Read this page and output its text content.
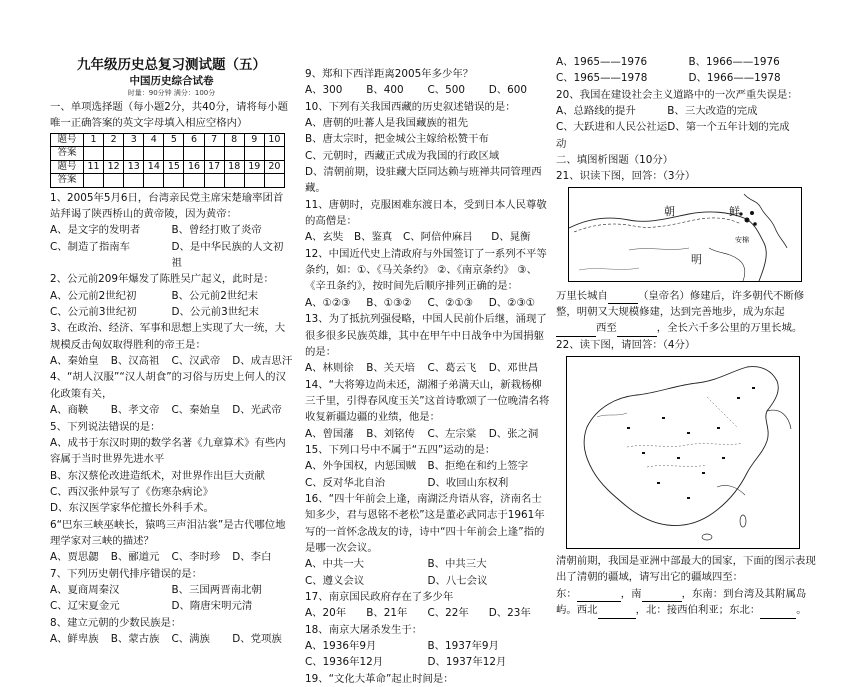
九年级历史总复习测试题（五）
中国历史综合试卷
时量：90分钟 满分：100分
一、单项选择题（每小题2分，共40分，请将每小题唯一正确答案的英文字母填入相应空格内）
题号	1	2	3	4	5	6	7	8	9	10
答案										
题号	11	12	13	14	15	16	17	18	19	20
答案										
1、2005年5月6日，台湾亲民党主席宋楚瑜率团首站拜谒了陕西桥山的黄帝陵，因为黄帝：
A、是文字的发明者	B、曾经打败了炎帝
C、制造了指南车	D、是中华民族的人文初祖
2、公元前209年爆发了陈胜吴广起义，此时是：
A、公元前2世纪初	B、公元前2世纪末
C、公元前3世纪初	D、公元前3世纪末
3、在政治、经济、军事和思想上实现了大一统，大规模反击匈奴取得胜利的帝王是：
A、秦始皇	B、汉高祖	C、汉武帝	D、成吉思汗
4、“胡人汉服”“汉人胡食”的习俗与历史上何人的汉化政策有关，
A、商鞅	B、孝文帝	C、秦始皇	D、光武帝
5、下列说法错误的是：
A、成书于东汉时期的数学名著《九章算术》有些内容属于当时世界先进水平
B、东汉蔡伦改进造纸术，对世界作出巨大贡献
C、西汉张仲景写了《伤寒杂病论》
D、东汉医学家华佗擅长外科手术。
6“巴东三峡巫峡长，猿鸣三声泪沾裳”是古代哪位地理学家对三峡的描述？
A、贾思勰	B、郦道元	C、李时珍	D、李白
7、下列历史朝代排序错误的是：
A、夏商周秦汉	B、三国两晋南北朝
C、辽宋夏金元	D、隋唐宋明元清
8、建立元朝的少数民族是：
A、鲜卑族	B、蒙古族	C、满族	D、党项族
9、郑和下西洋距离2005年多少年？
A、300	B、400	C、500	D、600
10、下列有关我国西藏的历史叙述错误的是：
A、唐朝的吐蕃人是我国藏族的祖先
B、唐太宗时，把金城公主嫁给松赞干布
C、元朝时，西藏正式成为我国的行政区域
D、清朝前期，设驻藏大臣同达赖与班禅共同管理西藏。
11、唐朝时，克服困难东渡日本，受到日本人民尊敬的高僧是：
A、玄奘	B、鉴真	C、阿倍仲麻吕	D、晁衡
12、中国近代史上清政府与外国签订了一系列不平等条约，如：①、《马关条约》 ②、《南京条约》 ③、《辛丑条约》，按时间先后顺序排列正确的是：
A、①②③	B、①③②	C、②①③	D、②③①
13、为了抵抗列强侵略，中国人民前仆后继，涌现了很多很多民族英雄，其中在甲午中日战争中为国捐躯的是：
A、林则徐	B、关天培	C、葛云飞	D、邓世昌
14、“大将筹边尚未还，湖湘子弟满天山，新栽杨柳三千里，引得春风度玉关”这首诗歌颂了一位晚清名将收复新疆边疆的业绩，他是：
A、曾国藩	B、刘铭传	C、左宗棠	D、张之洞
15、下列口号中不属于“五四”运动的是：
A、外争国权，内惩国贼	B、拒绝在和约上签字
C、反对华北自治	D、收回山东权利
16、“四十年前会上逢，南湖泛舟语从容，济南名士知多少，君与恩铭不老松”这是董必武同志于1961年写的一首怀念战友的诗，诗中“四十年前会上逢”指的是哪一次会议。
A、中共一大	B、中共三大
C、遵义会议	D、八七会议
17、南京国民政府存在了多少年
A、20年	B、21年	C、22年	D、23年
18、南京大屠杀发生于：
A、1936年9月	B、1937年9月
C、1936年12月	D、1937年12月
19、“文化大革命”起止时间是：
A、1965——1976	B、1966——1976
C、1965——1978	D、1966——1978
20、我国在建设社会主义道路中的一次严重失误是：
A、总路线的提升	B、三大改造的完成
C、大跃进和人民公社运动
D、第一个五年计划的完成
二、填图析图题（10分）
21、识读下图，回答：（3分）
朝	鲜
安棉
明
万里长城自	（皇帝名）修建后，许多朝代不断修整，明朝又大规模修建，达到完善地步，成为东起西至	，全长六千多公里的万里长城。
22、读下图，请回答：（4分）
清朝前期，我国是亚洲中部最大的国家，下面的图示表现出了清朝的疆域，请写出它的疆域四至：
东：	，南	，东南：到台湾及其附属岛屿。西北	，北：接西伯利亚；东北：	。
